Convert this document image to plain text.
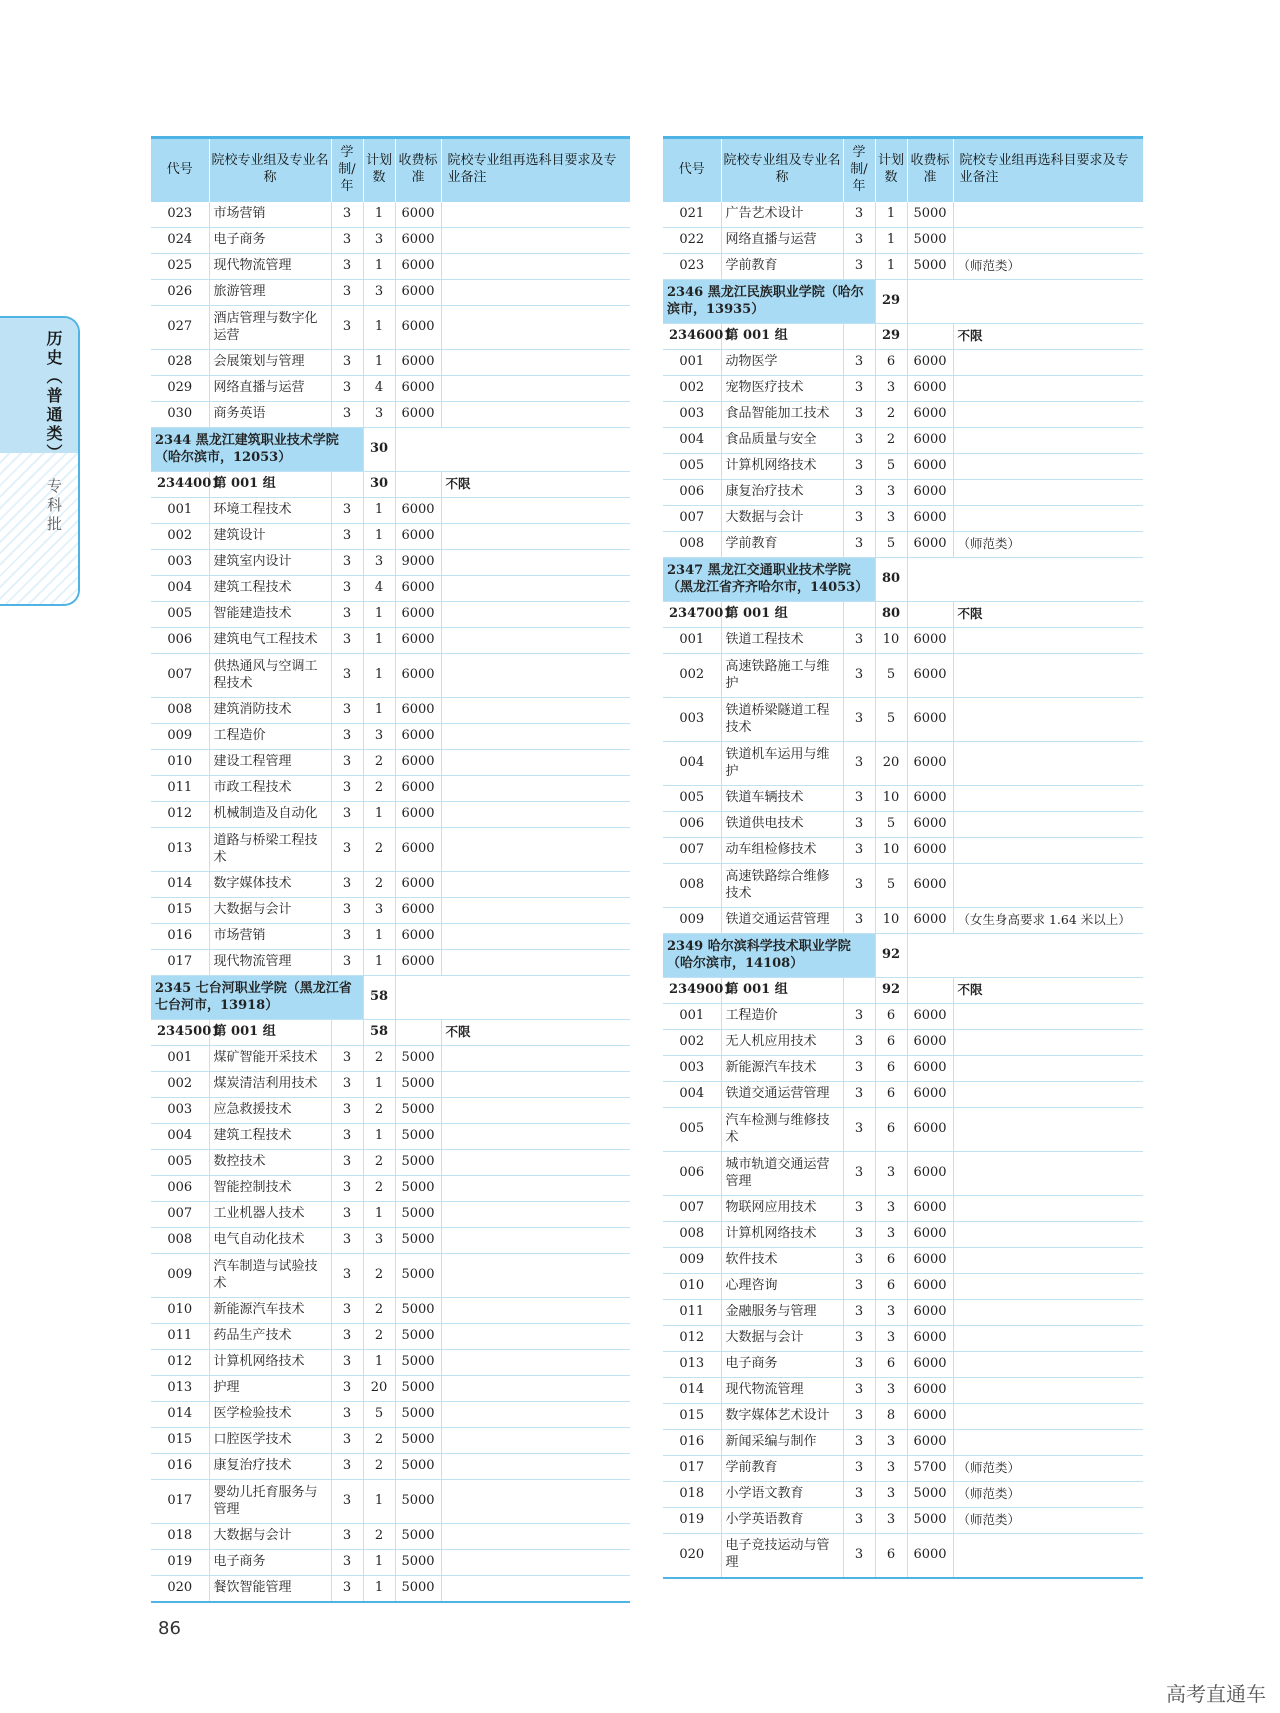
历史（普通类）
专科批
代号	院校专业组及专业名称	学制/年	计划数	收费标准	院校专业组再选科目要求及专业备注
023	市场营销	3	1	6000	
024	电子商务	3	3	6000	
025	现代物流管理	3	1	6000	
026	旅游管理	3	3	6000	
027	酒店管理与数字化运营	3	1	6000	
028	会展策划与管理	3	1	6000	
029	网络直播与运营	3	4	6000	
030	商务英语	3	3	6000	
2344 黑龙江建筑职业技术学院（哈尔滨市，12053）			30		
2344001	第 001 组		30		不限
001	环境工程技术	3	1	6000	
002	建筑设计	3	1	6000	
003	建筑室内设计	3	3	9000	
004	建筑工程技术	3	4	6000	
005	智能建造技术	3	1	6000	
006	建筑电气工程技术	3	1	6000	
007	供热通风与空调工程技术	3	1	6000	
008	建筑消防技术	3	1	6000	
009	工程造价	3	3	6000	
010	建设工程管理	3	2	6000	
011	市政工程技术	3	2	6000	
012	机械制造及自动化	3	1	6000	
013	道路与桥梁工程技术	3	2	6000	
014	数字媒体技术	3	2	6000	
015	大数据与会计	3	3	6000	
016	市场营销	3	1	6000	
017	现代物流管理	3	1	6000	
2345 七台河职业学院（黑龙江省七台河市，13918）			58		
2345001	第 001 组		58		不限
001	煤矿智能开采技术	3	2	5000	
002	煤炭清洁利用技术	3	1	5000	
003	应急救援技术	3	2	5000	
004	建筑工程技术	3	1	5000	
005	数控技术	3	2	5000	
006	智能控制技术	3	2	5000	
007	工业机器人技术	3	1	5000	
008	电气自动化技术	3	3	5000	
009	汽车制造与试验技术	3	2	5000	
010	新能源汽车技术	3	2	5000	
011	药品生产技术	3	2	5000	
012	计算机网络技术	3	1	5000	
013	护理	3	20	5000	
014	医学检验技术	3	5	5000	
015	口腔医学技术	3	2	5000	
016	康复治疗技术	3	2	5000	
017	婴幼儿托育服务与管理	3	1	5000	
018	大数据与会计	3	2	5000	
019	电子商务	3	1	5000	
020	餐饮智能管理	3	1	5000	
代号	院校专业组及专业名称	学制/年	计划数	收费标准	院校专业组再选科目要求及专业备注
021	广告艺术设计	3	1	5000	
022	网络直播与运营	3	1	5000	
023	学前教育	3	1	5000	（师范类）
2346 黑龙江民族职业学院（哈尔滨市，13935）			29		
2346001	第 001 组		29		不限
001	动物医学	3	6	6000	
002	宠物医疗技术	3	3	6000	
003	食品智能加工技术	3	2	6000	
004	食品质量与安全	3	2	6000	
005	计算机网络技术	3	5	6000	
006	康复治疗技术	3	3	6000	
007	大数据与会计	3	3	6000	
008	学前教育	3	5	6000	（师范类）
2347 黑龙江交通职业技术学院（黑龙江省齐齐哈尔市，14053）			80		
2347001	第 001 组		80		不限
001	铁道工程技术	3	10	6000	
002	高速铁路施工与维护	3	5	6000	
003	铁道桥梁隧道工程技术	3	5	6000	
004	铁道机车运用与维护	3	20	6000	
005	铁道车辆技术	3	10	6000	
006	铁道供电技术	3	5	6000	
007	动车组检修技术	3	10	6000	
008	高速铁路综合维修技术	3	5	6000	
009	铁道交通运营管理	3	10	6000	（女生身高要求 1.64 米以上）
2349 哈尔滨科学技术职业学院（哈尔滨市，14108）			92		
2349001	第 001 组		92		不限
001	工程造价	3	6	6000	
002	无人机应用技术	3	6	6000	
003	新能源汽车技术	3	6	6000	
004	铁道交通运营管理	3	6	6000	
005	汽车检测与维修技术	3	6	6000	
006	城市轨道交通运营管理	3	3	6000	
007	物联网应用技术	3	3	6000	
008	计算机网络技术	3	3	6000	
009	软件技术	3	6	6000	
010	心理咨询	3	6	6000	
011	金融服务与管理	3	3	6000	
012	大数据与会计	3	3	6000	
013	电子商务	3	6	6000	
014	现代物流管理	3	3	6000	
015	数字媒体艺术设计	3	8	6000	
016	新闻采编与制作	3	3	6000	
017	学前教育	3	3	5700	（师范类）
018	小学语文教育	3	3	5000	（师范类）
019	小学英语教育	3	3	5000	（师范类）
020	电子竞技运动与管理	3	6	6000	
86
高考直通车
